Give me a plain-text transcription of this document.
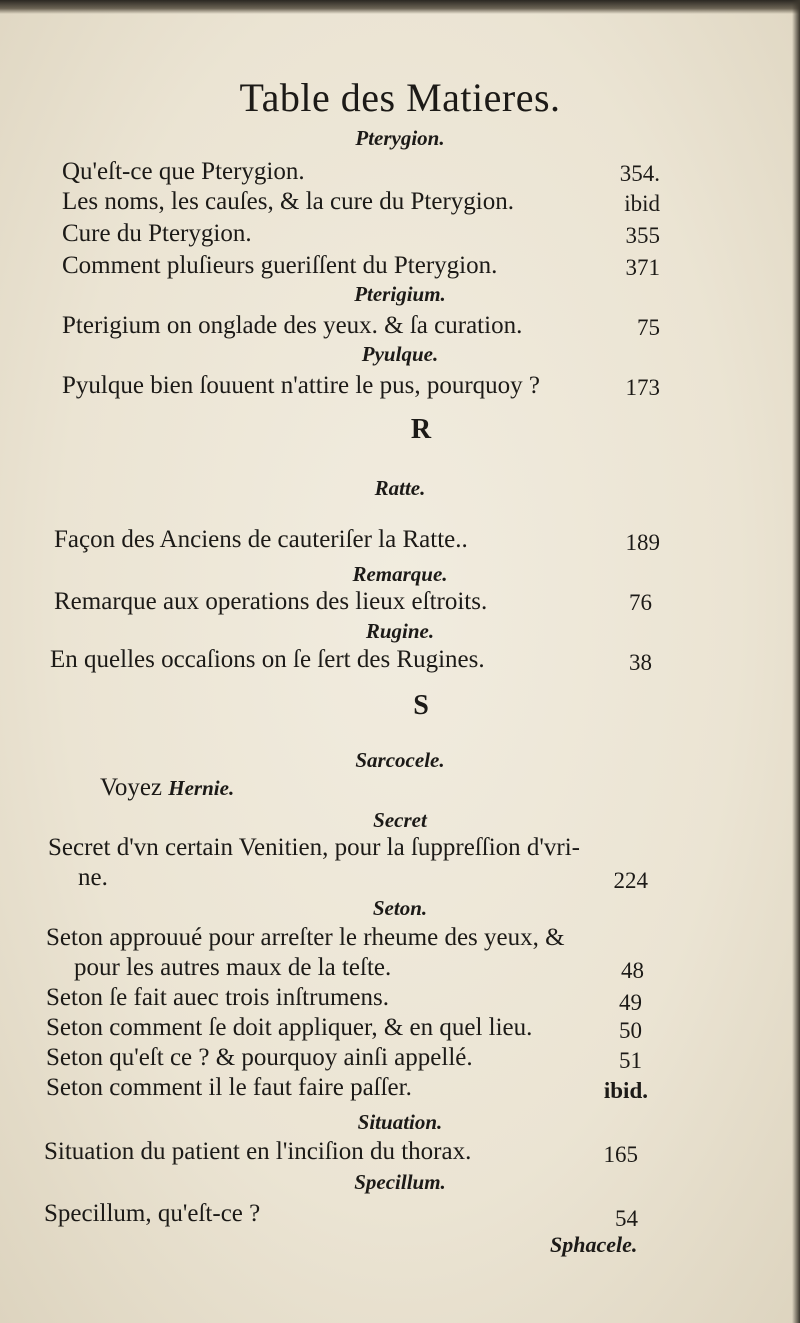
Table des Matieres.
Pterygion.
Qu'eſt-ce que Pterygion.	354.
Les noms, les cauſes, & la cure du Pterygion.	ibid
Cure du Pterygion.	355
Comment pluſieurs gueriſſent du Pterygion.	371
Pterigium.
Pterigium on onglade des yeux. & ſa curation.	75
Pyulque.
Pyulque bien ſouuent n'attire le pus, pourquoy ?	173
R
Ratte.
Façon des Anciens de cauteriſer la Ratte..	189
Remarque.
Remarque aux operations des lieux eſtroits.	76
Rugine.
En quelles occaſions on ſe ſert des Rugines.	38
S
Sarcocele.
Voyez Hernie.
Secret
Secret d'vn certain Venitien, pour la ſuppreſſion d'vri-
ne.	224
Seton.
Seton approuué pour arreſter le rheume des yeux, &
pour les autres maux de la teſte.	48
Seton ſe fait auec trois inſtrumens.	49
Seton comment ſe doit appliquer, & en quel lieu.	50
Seton qu'eſt ce ? & pourquoy ainſi appellé.	51
Seton comment il le faut faire paſſer.	ibid.
Situation.
Situation du patient en l'inciſion du thorax.	165
Specillum.
Specillum, qu'eſt-ce ?	54
Sphacele.
